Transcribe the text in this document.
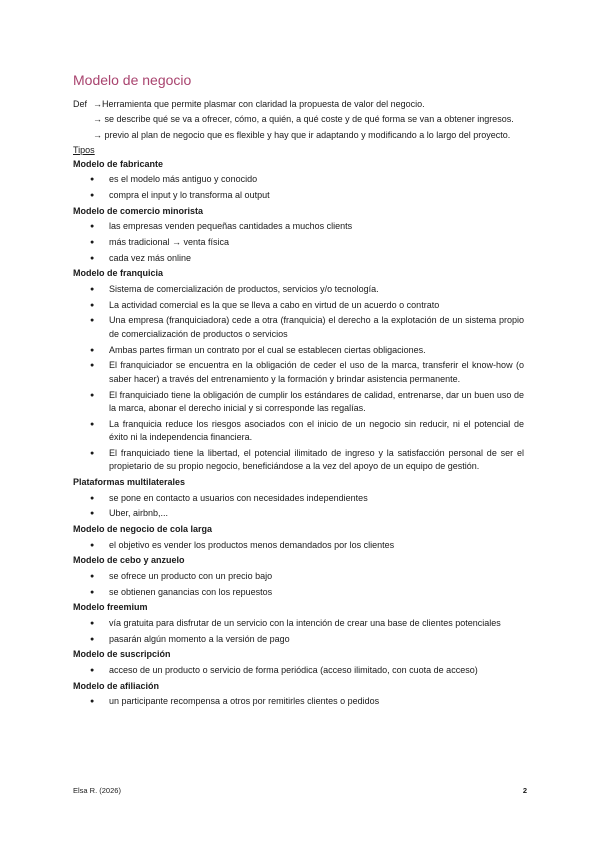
Modelo de negocio
Def →Herramienta que permite plasmar con claridad la propuesta de valor del negocio.
→ se describe qué se va a ofrecer, cómo, a quién, a qué coste y de qué forma se van a obtener ingresos.
→ previo al plan de negocio que es flexible y hay que ir adaptando y modificando a lo largo del proyecto.
Tipos
Modelo de fabricante
● es el modelo más antiguo y conocido
● compra el input y lo transforma al output
Modelo de comercio minorista
● las empresas venden pequeñas cantidades a muchos clients
● más tradicional → venta física
● cada vez más online
Modelo de franquicia
● Sistema de comercialización de productos, servicios y/o tecnología.
● La actividad comercial es la que se lleva a cabo en virtud de un acuerdo o contrato
● Una empresa (franquiciadora) cede a otra (franquicia) el derecho a la explotación de un sistema propio de comercialización de productos o servicios
● Ambas partes firman un contrato por el cual se establecen ciertas obligaciones.
● El franquiciador se encuentra en la obligación de ceder el uso de la marca, transferir el know-how (o saber hacer) a través del entrenamiento y la formación y brindar asistencia permanente.
● El franquiciado tiene la obligación de cumplir los estándares de calidad, entrenarse, dar un buen uso de la marca, abonar el derecho inicial y si corresponde las regalías.
● La franquicia reduce los riesgos asociados con el inicio de un negocio sin reducir, ni el potencial de éxito ni la independencia financiera.
● El franquiciado tiene la libertad, el potencial ilimitado de ingreso y la satisfacción personal de ser el propietario de su propio negocio, beneficiándose a la vez del apoyo de un equipo de gestión.
Plataformas multilaterales
● se pone en contacto a usuarios con necesidades independientes
● Uber, airbnb,...
Modelo de negocio de cola larga
● el objetivo es vender los productos menos demandados por los clientes
Modelo de cebo y anzuelo
● se ofrece un producto con un precio bajo
● se obtienen ganancias con los repuestos
Modelo freemium
● vía gratuita para disfrutar de un servicio con la intención de crear una base de clientes potenciales
● pasarán algún momento a la versión de pago
Modelo de suscripción
● acceso de un producto o servicio de forma periódica (acceso ilimitado, con cuota de acceso)
Modelo de afiliación
● un participante recompensa a otros por remitirles clientes o pedidos
Elsa R. (2026)	2
